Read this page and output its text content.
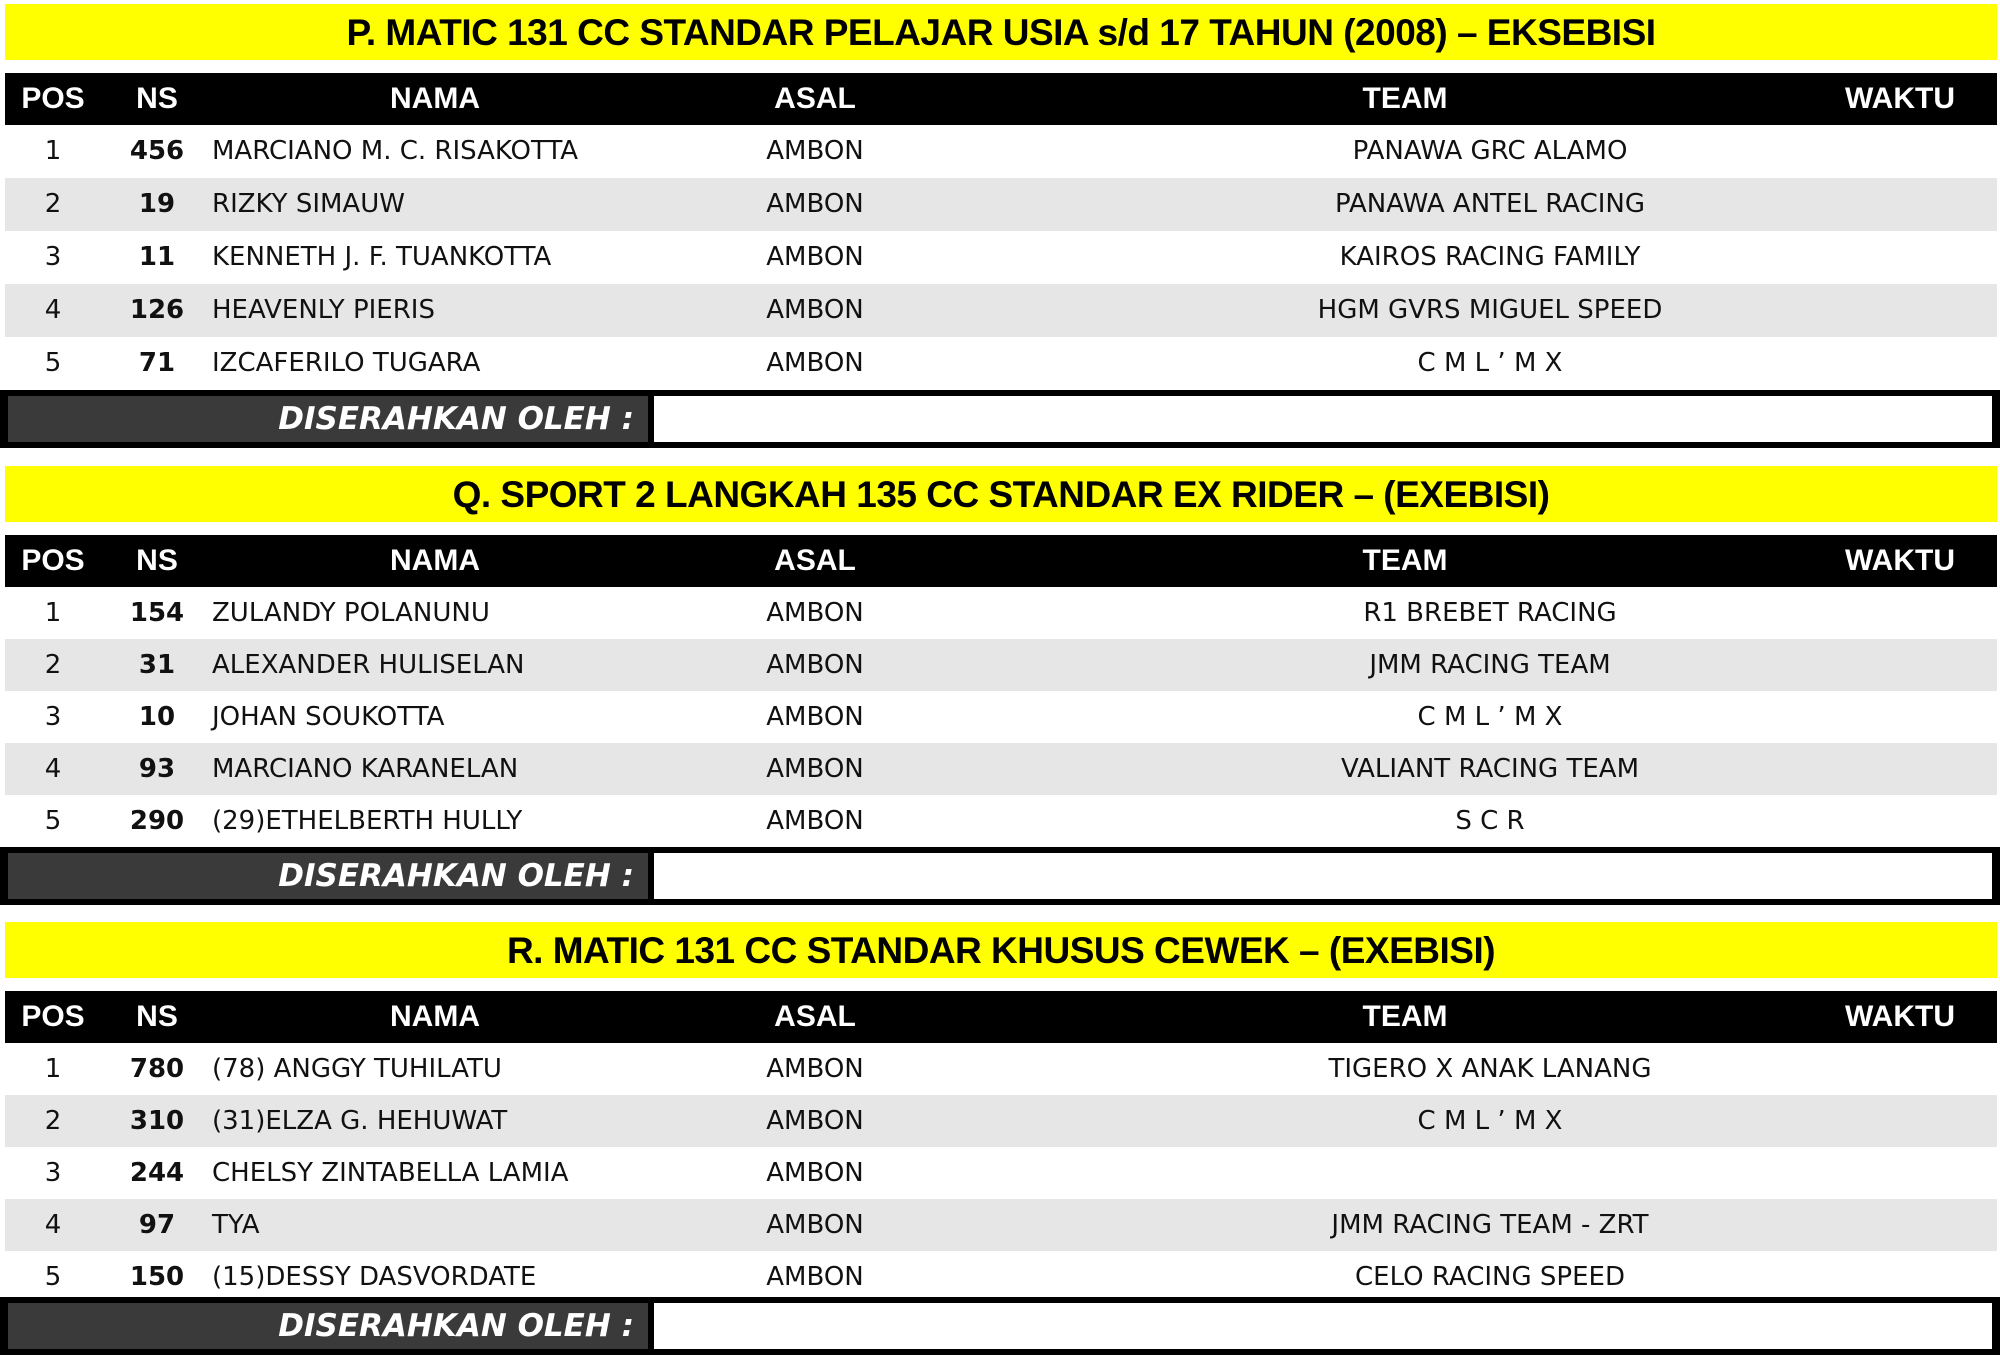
P. MATIC 131 CC STANDAR PELAJAR USIA s/d 17 TAHUN (2008) – EKSEBISI
POS	NS	NAMA	ASAL	TEAM	WAKTU
1	456	MARCIANO M. C. RISAKOTTA	AMBON	PANAWA GRC ALAMO
2	19	RIZKY SIMAUW	AMBON	PANAWA ANTEL RACING
3	11	KENNETH J. F. TUANKOTTA	AMBON	KAIROS RACING FAMILY
4	126	HEAVENLY PIERIS	AMBON	HGM GVRS MIGUEL SPEED
5	71	IZCAFERILO TUGARA	AMBON	C M L ’ M X
DISERAHKAN OLEH :
Q. SPORT 2 LANGKAH 135 CC STANDAR EX RIDER – (EXEBISI)
POS	NS	NAMA	ASAL	TEAM	WAKTU
1	154	ZULANDY POLANUNU	AMBON	R1 BREBET RACING
2	31	ALEXANDER HULISELAN	AMBON	JMM RACING TEAM
3	10	JOHAN SOUKOTTA	AMBON	C M L ’ M X
4	93	MARCIANO KARANELAN	AMBON	VALIANT RACING TEAM
5	290	(29)ETHELBERTH HULLY	AMBON	S C R
DISERAHKAN OLEH :
R. MATIC 131 CC STANDAR KHUSUS CEWEK – (EXEBISI)
POS	NS	NAMA	ASAL	TEAM	WAKTU
1	780	(78) ANGGY TUHILATU	AMBON	TIGERO X ANAK LANANG
2	310	(31)ELZA G. HEHUWAT	AMBON	C M L ’ M X
3	244	CHELSY ZINTABELLA LAMIA	AMBON
4	97	TYA	AMBON	JMM RACING TEAM - ZRT
5	150	(15)DESSY DASVORDATE	AMBON	CELO RACING SPEED
DISERAHKAN OLEH :
